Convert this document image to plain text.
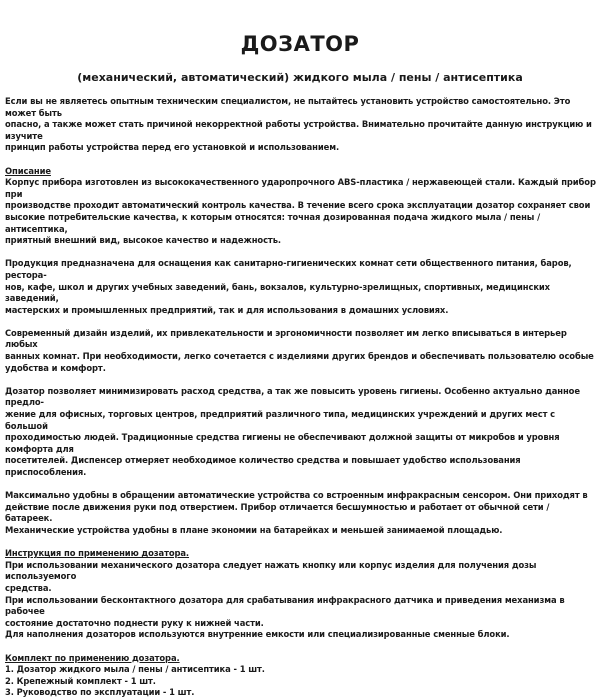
ДОЗАТОР
(механический, автоматический) жидкого мыла / пены / антисептика

Если вы не являетесь опытным техническим специалистом, не пытайтесь установить устройство самостоятельно. Это может быть

опасно, а также может стать причиной некорректной работы устройства. Внимательно прочитайте данную инструкцию и изучите

принцип работы устройства перед его установкой и использованием.

Описание

Корпус прибора изготовлен из высококачественного ударопрочного ABS-пластика / нержавеющей стали. Каждый прибор при

производстве проходит автоматический контроль качества. В течение всего срока эксплуатации дозатор сохраняет свои

высокие потребительские качества, к которым относятся: точная дозированная подача жидкого мыла / пены / антисептика,

приятный внешний вид, высокое качество и надежность.

Продукция предназначена для оснащения как санитарно-гигиенических комнат сети общественного питания, баров, рестора-

нов, кафе, школ и других учебных заведений, бань, вокзалов, культурно-зрелищных, спортивных, медицинских заведений,

мастерских и промышленных предприятий, так и для использования в домашних условиях.

Современный дизайн изделий, их привлекательности и эргономичности позволяет им легко вписываться в интерьер любых

ванных комнат. При необходимости, легко сочетается с изделиями других брендов и обеспечивать пользователю особые

удобства и комфорт.

Дозатор позволяет минимизировать расход средства, а так же повысить уровень гигиены. Особенно актуально данное предло-

жение для офисных, торговых центров, предприятий различного типа, медицинских учреждений и других мест с большой

проходимостью людей. Традиционные средства гигиены не обеспечивают должной защиты от микробов и уровня комфорта для

посетителей. Диспенсер отмеряет необходимое количество средства и повышает удобство использования приспособления.

Максимально удобны в обращении автоматические устройства со встроенным инфракрасным сенсором. Они приходят в

действие после движения руки под отверстием. Прибор отличается бесшумностью и работает от обычной сети / батареек.

Механические устройства удобны в плане экономии на батарейках и меньшей занимаемой площадью.

Инструкция по применению дозатора.

При использовании механического дозатора следует нажать кнопку или корпус изделия для получения дозы используемого

средства.

При использовании бесконтактного дозатора для срабатывания инфракрасного датчика и приведения механизма в рабочее

состояние достаточно поднести руку к нижней части.

Для наполнения дозаторов используются внутренние емкости или специализированные сменные блоки.

Комплект по применению дозатора.

1. Дозатор жидкого мыла / пены / антисептика - 1 шт.

2. Крепежный комплект - 1 шт.

3. Руководство по эксплуатации - 1 шт.
